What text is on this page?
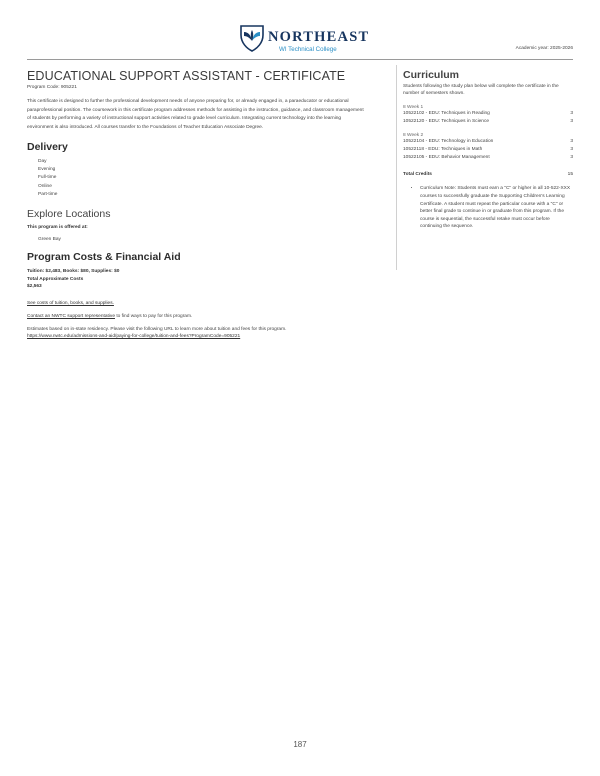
NORTHEAST
WI Technical College	Academic year: 2025-2026
EDUCATIONAL SUPPORT ASSISTANT - CERTIFICATE
Program Code: 905221

This certificate is designed to further the professional development needs of anyone preparing for, or already engaged in, a paraeducator or educational paraprofessional position. The coursework in this certificate program addresses methods for assisting in the instruction, guidance, and classroom management of students by performing a variety of instructional support activities related to grade level curriculum. Integrating current technology into the learning environment is also introduced. All courses transfer to the Foundations of Teacher Education Associate Degree.

Delivery
Day
Evening
Full-time
Online
Part-time
Explore Locations
This program is offered at:
Green Bay
Program Costs & Financial Aid
Tuition: $2,483, Books: $80, Supplies: $0
Total Approximate Costs
$2,563

See costs of tuition, books, and supplies.

Contact an NWTC support representative to find ways to pay for this program.

Estimates based on in-state residency. Please visit the following URL to learn more about tuition and fees for this program.
https://www.nwtc.edu/admissions-and-aid/paying-for-college/tuition-and-fees?ProgramCode=905221

Curriculum

Students following the study plan below will complete the certificate in the number of semesters shown.

8 Week 1
10522102 - EDU: Techniques in Reading	3
10522120 - EDU: Techniques in Science	3
8 Week 2
10522104 - EDU: Technology in Education	3
10522118 - EDU: Techniques in Math	3
10522105 - EDU: Behavior Management	3
Total Credits	15
• Curriculum Note: Students must earn a "C" or higher in all 10-522-XXX courses to successfully graduate the Supporting Children's Learning Certificate. A student must repeat the particular course with a "C" or better final grade to continue in or graduate from this program. If the course is sequential, the successful retake must occur before continuing the sequence.
187
